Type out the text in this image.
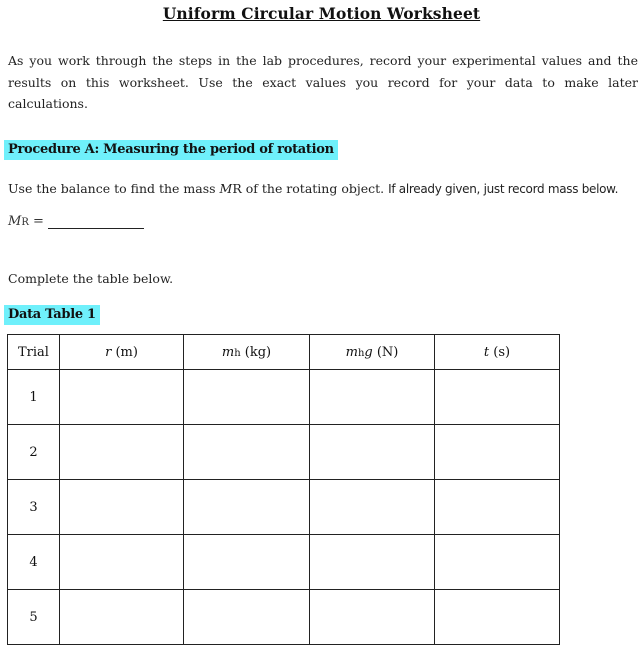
Uniform Circular Motion Worksheet
As you work through the steps in the lab procedures, record your experimental values and the results on this worksheet. Use the exact values you record for your data to make later calculations.
Procedure A: Measuring the period of rotation
Use the balance to find the mass MR of the rotating object. If already given, just record mass below.
MR =
Complete the table below.
Data Table 1
Trial	r (m)	mh (kg)	mhg (N)	t (s)
1				
2				
3				
4				
5				
